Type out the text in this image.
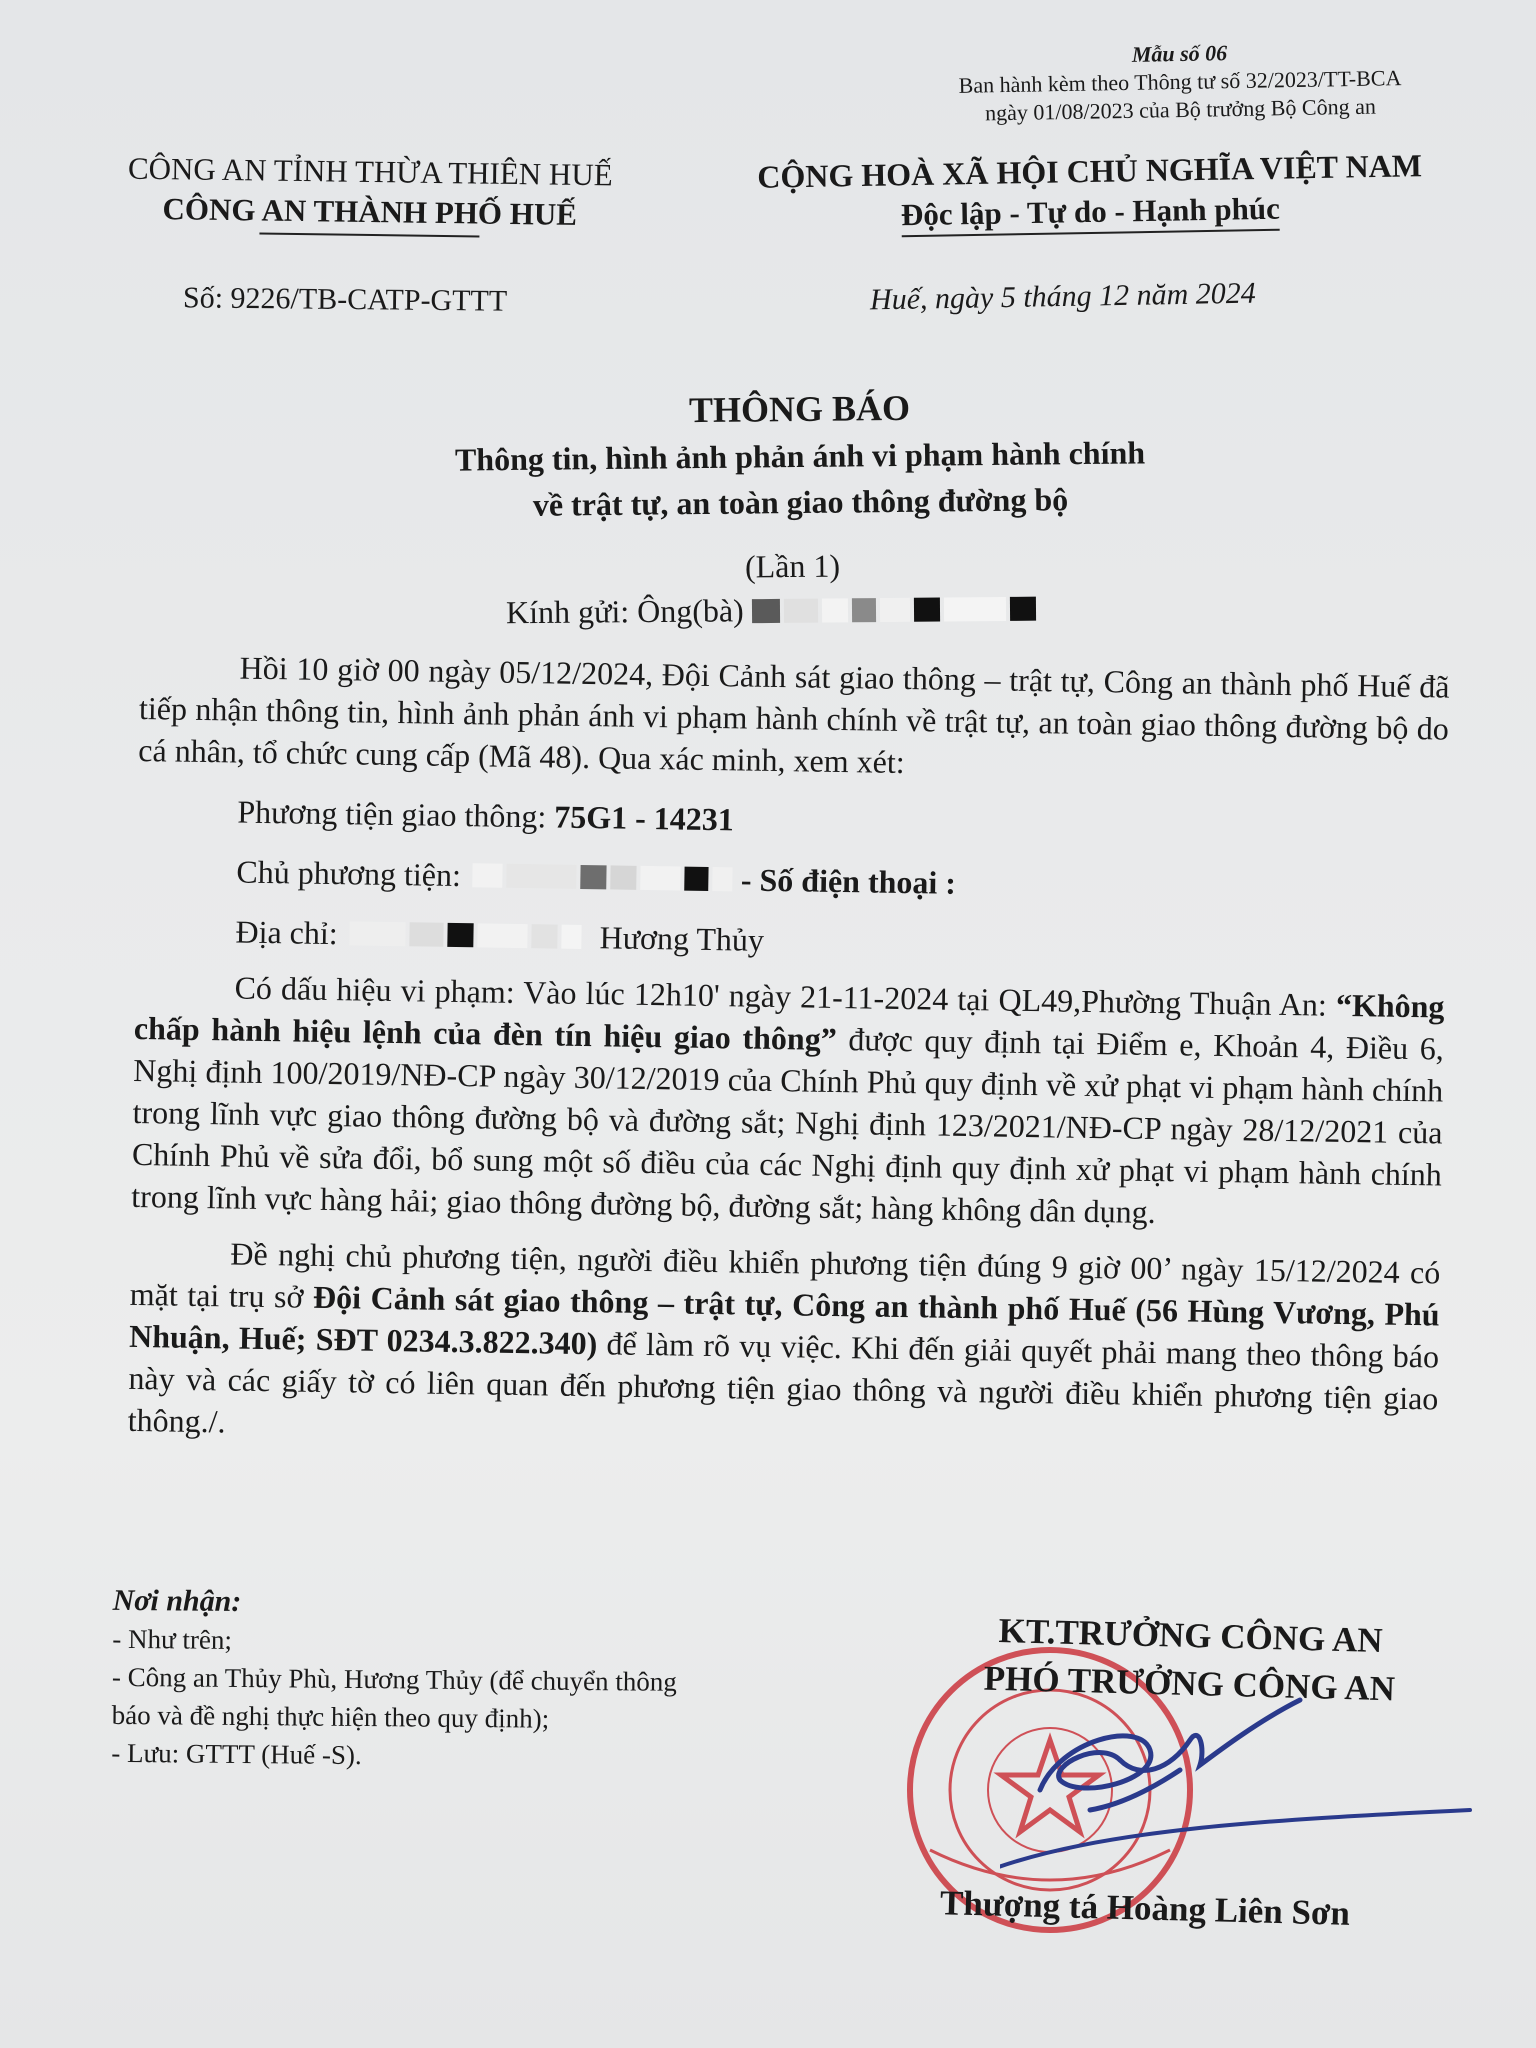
Mẫu số 06
Ban hành kèm theo Thông tư số 32/2023/TT-BCA
ngày 01/08/2023 của Bộ trưởng Bộ Công an
CÔNG AN TỈNH THỪA THIÊN HUẾ
CÔNG AN THÀNH PHỐ HUẾ
CỘNG HOÀ XÃ HỘI CHỦ NGHĨA VIỆT NAM
Độc lập - Tự do - Hạnh phúc
Số: 9226/TB-CATP-GTTT	Huế, ngày 5 tháng 12 năm 2024
THÔNG BÁO
Thông tin, hình ảnh phản ánh vi phạm hành chính
về trật tự, an toàn giao thông đường bộ
(Lần 1)
Kính gửi: Ông(bà)

Hồi 10 giờ 00 ngày 05/12/2024, Đội Cảnh sát giao thông – trật tự, Công an thành phố Huế đã tiếp nhận thông tin, hình ảnh phản ánh vi phạm hành chính về trật tự, an toàn giao thông đường bộ do cá nhân, tổ chức cung cấp (Mã 48). Qua xác minh, xem xét:

Phương tiện giao thông: 75G1 - 14231
Chủ phương tiện:	- Số điện thoại :
Địa chỉ:	Hương Thủy

Có dấu hiệu vi phạm: Vào lúc 12h10' ngày 21-11-2024 tại QL49,Phường Thuận An: “Không chấp hành hiệu lệnh của đèn tín hiệu giao thông” được quy định tại Điểm e, Khoản 4, Điều 6, Nghị định 100/2019/NĐ-CP ngày 30/12/2019 của Chính Phủ quy định về xử phạt vi phạm hành chính trong lĩnh vực giao thông đường bộ và đường sắt; Nghị định 123/2021/NĐ-CP ngày 28/12/2021 của Chính Phủ về sửa đổi, bổ sung một số điều của các Nghị định quy định xử phạt vi phạm hành chính trong lĩnh vực hàng hải; giao thông đường bộ, đường sắt; hàng không dân dụng.

Đề nghị chủ phương tiện, người điều khiển phương tiện đúng 9 giờ 00’ ngày 15/12/2024 có mặt tại trụ sở Đội Cảnh sát giao thông – trật tự, Công an thành phố Huế (56 Hùng Vương, Phú Nhuận, Huế; SĐT 0234.3.822.340) để làm rõ vụ việc. Khi đến giải quyết phải mang theo thông báo này và các giấy tờ có liên quan đến phương tiện giao thông và người điều khiển phương tiện giao thông./.

Nơi nhận:
- Như trên;
- Công an Thủy Phù, Hương Thủy (để chuyển thông
báo và đề nghị thực hiện theo quy định);
- Lưu: GTTT (Huế -S).
KT.TRƯỞNG CÔNG AN
PHÓ TRƯỞNG CÔNG AN
Thượng tá Hoàng Liên Sơn
